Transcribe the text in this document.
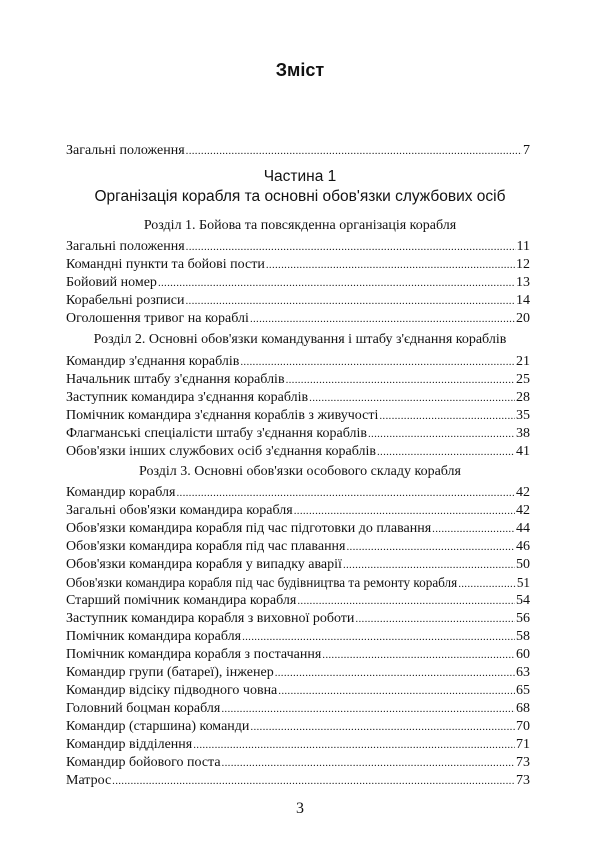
Зміст
Загальні положення .....	7
Частина 1
Організація корабля та основні обов'язки службових осіб
Розділ 1. Бойова та повсякденна організація корабля
Загальні положення .....	11
Командні пункти та бойові пости .....	12
Бойовий номер .....	13
Корабельні розписи .....	14
Оголошення тривог на кораблі .....	20
Розділ 2. Основні обов'язки командування і штабу з'єднання кораблів
Командир з'єднання кораблів .....	21
Начальник штабу з'єднання кораблів .....	25
Заступник командира з'єднання кораблів .....	28
Помічник командира з'єднання кораблів з живучості .....	35
Флагманські спеціалісти штабу з'єднання кораблів .....	38
Обов'язки інших службових осіб з'єднання кораблів .....	41
Розділ 3. Основні обов'язки особового складу корабля
Командир корабля .....	42
Загальні обов'язки командира корабля .....	42
Обов'язки командира корабля під час підготовки до плавання .....	44
Обов'язки командира корабля під час плавання .....	46
Обов'язки командира корабля у випадку аварії .....	50
Обов'язки командира корабля під час будівництва та ремонту корабля .....	51
Старший помічник командира корабля .....	54
Заступник командира корабля з виховної роботи .....	56
Помічник командира корабля .....	58
Помічник командира корабля з постачання .....	60
Командир групи (батареї), інженер .....	63
Командир відсіку підводного човна .....	65
Головний боцман корабля .....	68
Командир (старшина) команди .....	70
Командир відділення .....	71
Командир бойового поста .....	73
Матрос .....	73
3
